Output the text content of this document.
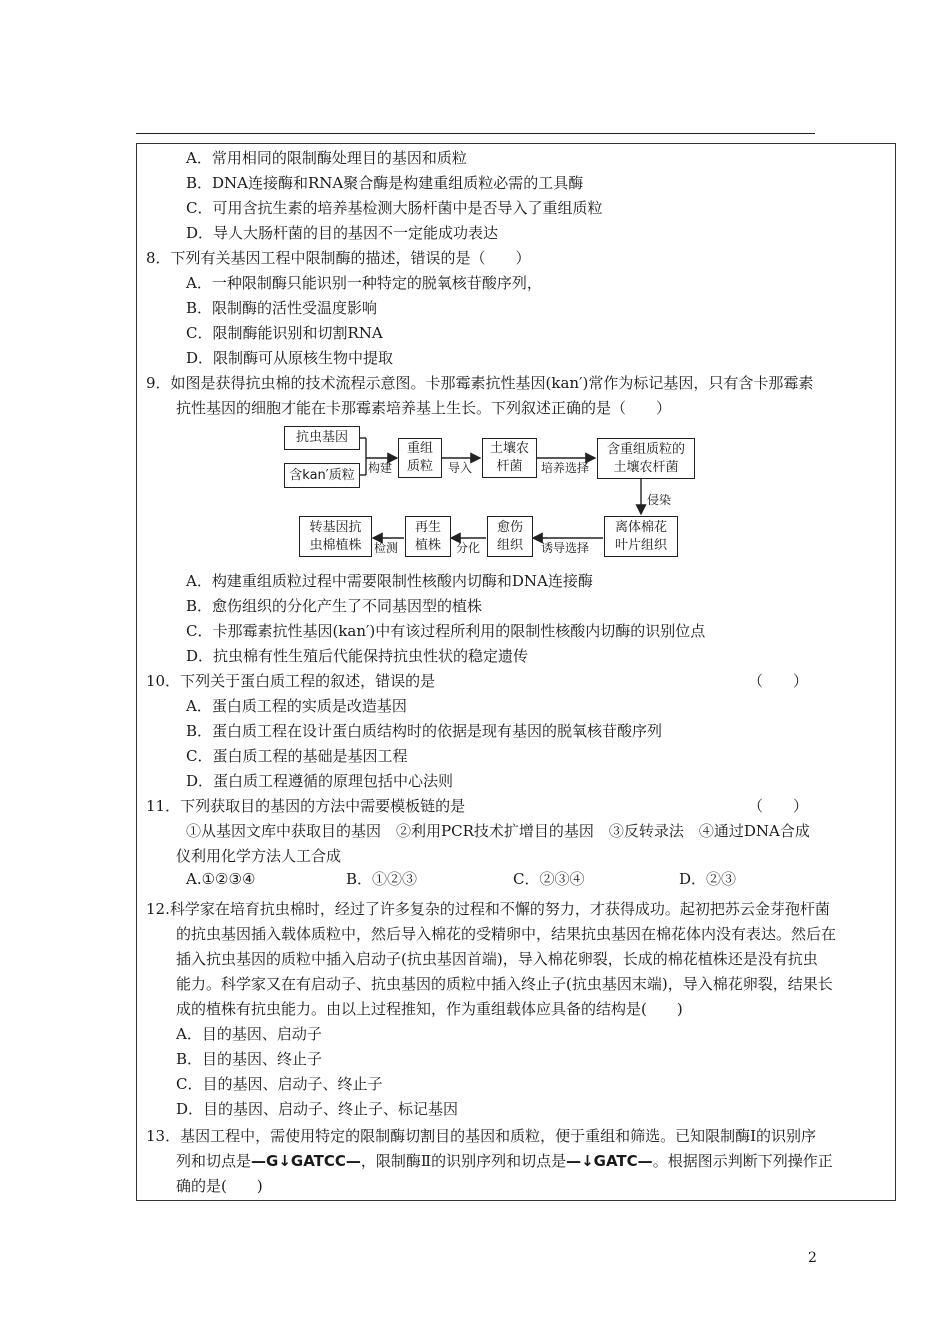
A．常用相同的限制酶处理目的基因和质粒
B．DNA连接酶和RNA聚合酶是构建重组质粒必需的工具酶
C．可用含抗生素的培养基检测大肠杆菌中是否导入了重组质粒
D．导人大肠杆菌的目的基因不一定能成功表达
8．下列有关基因工程中限制酶的描述，错误的是（　　）
A．一种限制酶只能识别一种特定的脱氧核苷酸序列，
B．限制酶的活性受温度影响
C．限制酶能识别和切割RNA
D．限制酶可从原核生物中提取
9．如图是获得抗虫棉的技术流程示意图。卡那霉素抗性基因(kan′)常作为标记基因，只有含卡那霉素
抗性基因的细胞才能在卡那霉素培养基上生长。下列叙述正确的是（　　）
抗虫基因
含kan′质粒 构建
重组
质粒 导入
土壤农
杆菌 培养选择
含重组质粒的
土壤农杆菌
侵染
离体棉花
叶片组织
诱导选择
愈伤
组织
分化
再生
植株
检测
转基因抗
虫棉植株
A．构建重组质粒过程中需要限制性核酸内切酶和DNA连接酶
B．愈伤组织的分化产生了不同基因型的植株
C．卡那霉素抗性基因(kan′)中有该过程所利用的限制性核酸内切酶的识别位点
D．抗虫棉有性生殖后代能保持抗虫性状的稳定遗传
10．下列关于蛋白质工程的叙述，错误的是	（　　）
A．蛋白质工程的实质是改造基因
B．蛋白质工程在设计蛋白质结构时的依据是现有基因的脱氧核苷酸序列
C．蛋白质工程的基础是基因工程
D．蛋白质工程遵循的原理包括中心法则
11．下列获取目的基因的方法中需要模板链的是	（　　）
①从基因文库中获取目的基因　②利用PCR技术扩增目的基因　③反转录法　④通过DNA合成
仪利用化学方法人工合成
A.①②③④	B．①②③	C．②③④	D．②③
12.科学家在培育抗虫棉时，经过了许多复杂的过程和不懈的努力，才获得成功。起初把苏云金芽孢杆菌
的抗虫基因插入载体质粒中，然后导入棉花的受精卵中，结果抗虫基因在棉花体内没有表达。然后在
插入抗虫基因的质粒中插入启动子(抗虫基因首端)，导入棉花卵裂，长成的棉花植株还是没有抗虫
能力。科学家又在有启动子、抗虫基因的质粒中插入终止子(抗虫基因末端)，导入棉花卵裂，结果长
成的植株有抗虫能力。由以上过程推知，作为重组载体应具备的结构是(　　)
A．目的基因、启动子
B．目的基因、终止子
C．目的基因、启动子、终止子
D．目的基因、启动子、终止子、标记基因
13．基因工程中，需使用特定的限制酶切割目的基因和质粒，便于重组和筛选。已知限制酶Ⅰ的识别序
列和切点是—G↓GATCC—，限制酶Ⅱ的识别序列和切点是—↓GATC—。根据图示判断下列操作正
确的是(　　)
2
